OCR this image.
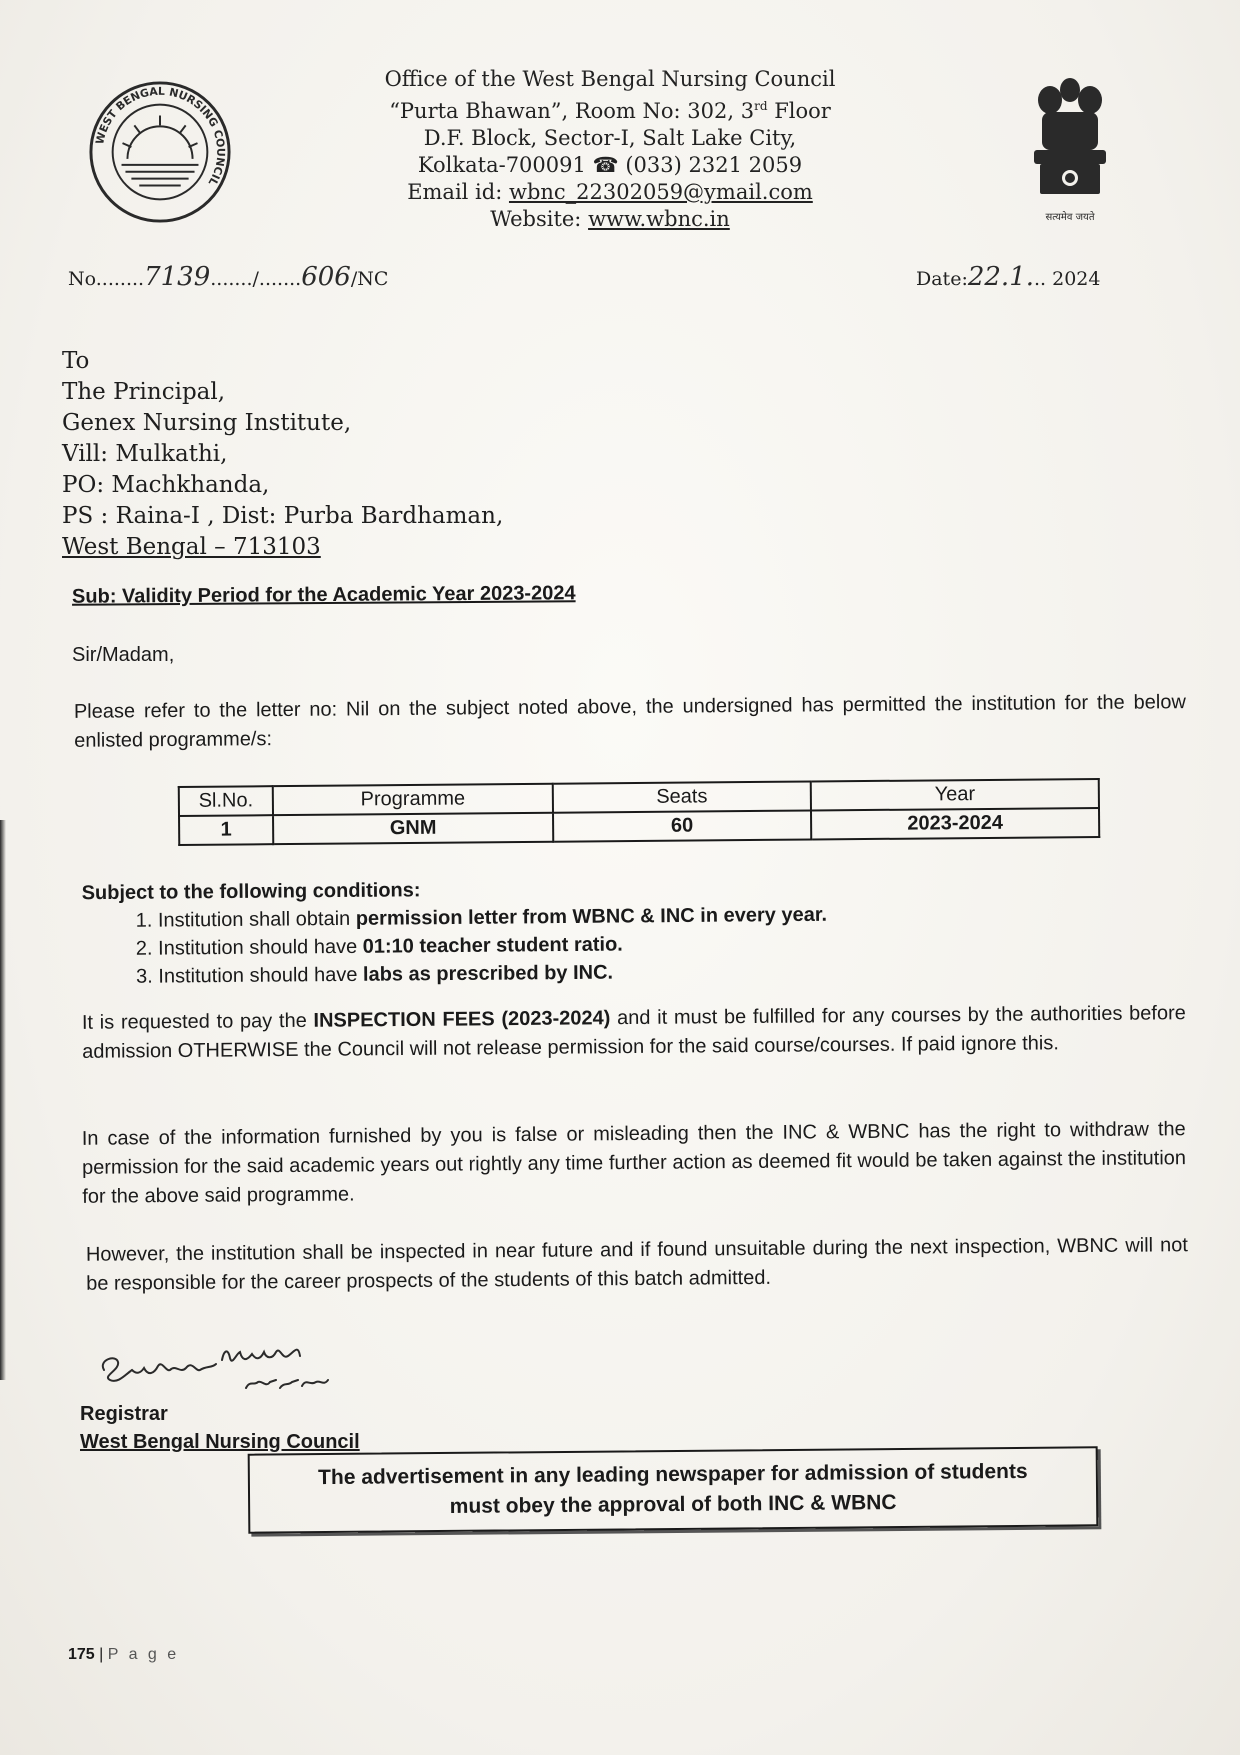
WEST BENGAL NURSING COUNCIL
सत्यमेव जयते
Office of the West Bengal Nursing Council
“Purta Bhawan”, Room No: 302, 3rd Floor
D.F. Block, Sector-I, Salt Lake City,
Kolkata-700091 ☎ (033) 2321 2059
Email id: wbnc_22302059@ymail.com
Website: www.wbnc.in
No........7139......./.......606/NC	Date:22.1... 2024
To
The Principal,
Genex Nursing Institute,
Vill: Mulkathi,
PO: Machkhanda,
PS : Raina-I , Dist: Purba Bardhaman,
West Bengal – 713103
Sub: Validity Period for the Academic Year 2023-2024
Sir/Madam,
Please refer to the letter no: Nil on the subject noted above, the undersigned has permitted the institution for the below enlisted programme/s:
Sl.No.	Programme	Seats	Year
1	GNM	60	2023-2024
Subject to the following conditions:
1. Institution shall obtain permission letter from WBNC & INC in every year.
2. Institution should have 01:10 teacher student ratio.
3. Institution should have labs as prescribed by INC.
It is requested to pay the INSPECTION FEES (2023-2024) and it must be fulfilled for any courses by the authorities before admission OTHERWISE the Council will not release permission for the said course/courses. If paid ignore this.
In case of the information furnished by you is false or misleading then the INC & WBNC has the right to withdraw the permission for the said academic years out rightly any time further action as deemed fit would be taken against the institution for the above said programme.
However, the institution shall be inspected in near future and if found unsuitable during the next inspection, WBNC will not be responsible for the career prospects of the students of this batch admitted.
Registrar
West Bengal Nursing Council
The advertisement in any leading newspaper for admission of students
must obey the approval of both INC & WBNC
175 | P a g e
